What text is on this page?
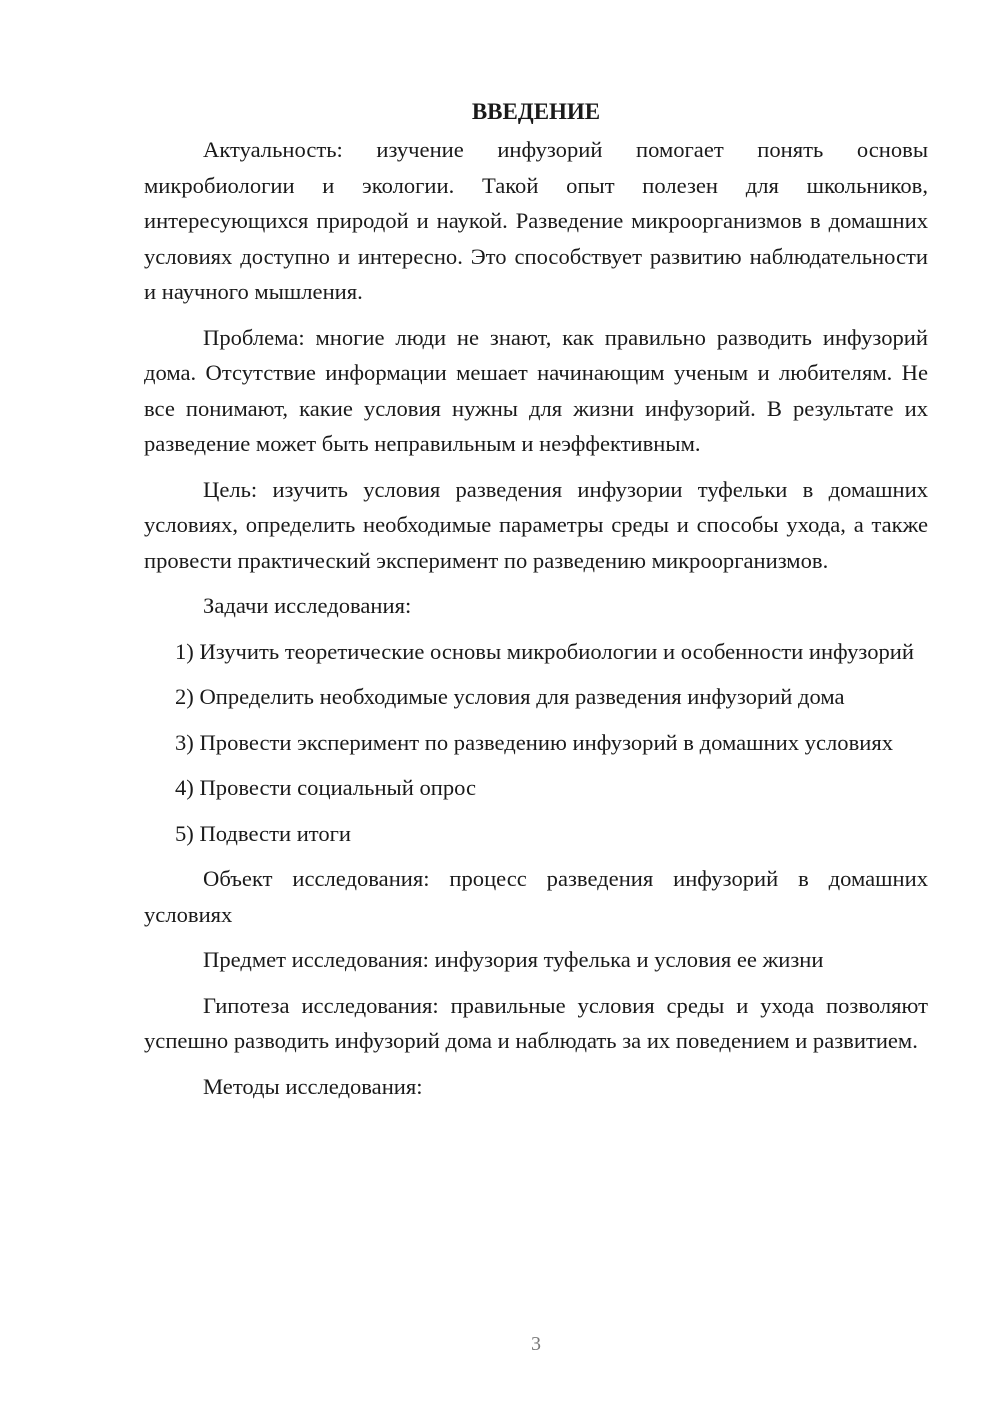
ВВЕДЕНИЕ

Актуальность: изучение инфузорий помогает понять основы микробиологии и экологии. Такой опыт полезен для школьников, интересующихся природой и наукой. Разведение микроорганизмов в домашних условиях доступно и интересно. Это способствует развитию наблюдательности и научного мышления.

Проблема: многие люди не знают, как правильно разводить инфузорий дома. Отсутствие информации мешает начинающим ученым и любителям. Не все понимают, какие условия нужны для жизни инфузорий. В результате их разведение может быть неправильным и неэффективным.

Цель: изучить условия разведения инфузории туфельки в домашних условиях, определить необходимые параметры среды и способы ухода, а также провести практический эксперимент по разведению микроорганизмов.

Задачи исследования:

1) Изучить теоретические основы микробиологии и особенности инфузорий

2) Определить необходимые условия для разведения инфузорий дома

3) Провести эксперимент по разведению инфузорий в домашних условиях

4) Провести социальный опрос

5) Подвести итоги

Объект исследования: процесс разведения инфузорий в домашних условиях

Предмет исследования: инфузория туфелька и условия ее жизни

Гипотеза исследования: правильные условия среды и ухода позволяют успешно разводить инфузорий дома и наблюдать за их поведением и развитием.

Методы исследования:

3
